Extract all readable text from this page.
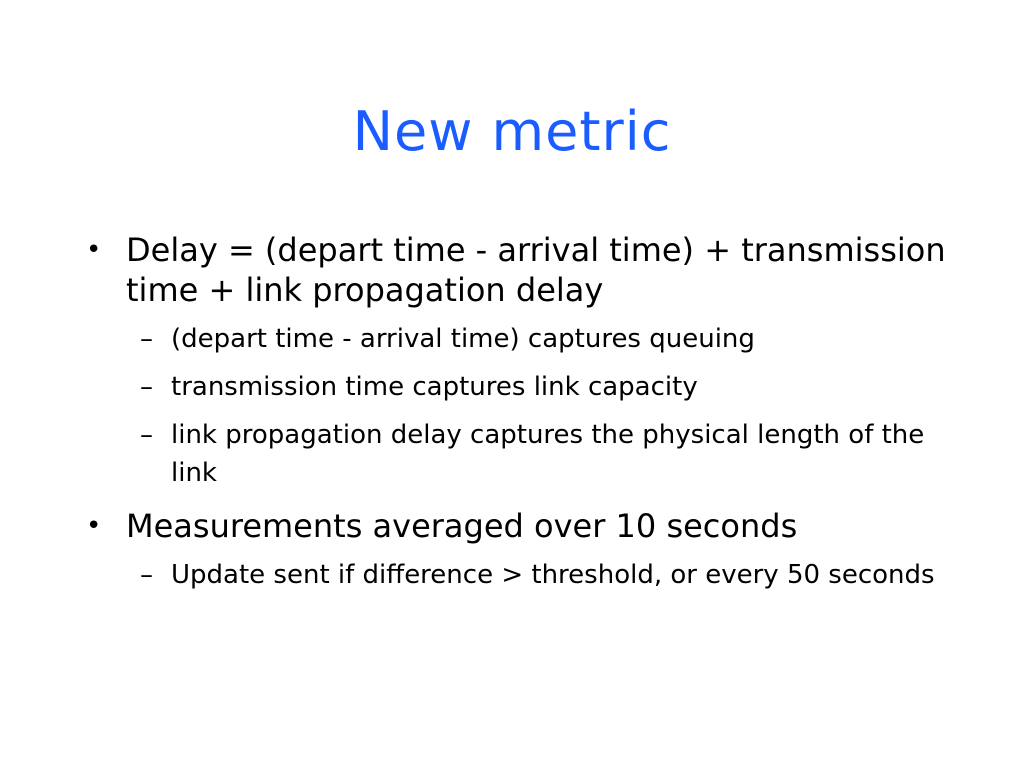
New metric
• Delay = (depart time - arrival time) + transmission time + link propagation delay
– (depart time - arrival time) captures queuing
– transmission time captures link capacity
– link propagation delay captures the physical length of the link
• Measurements averaged over 10 seconds
– Update sent if difference > threshold, or every 50 seconds
